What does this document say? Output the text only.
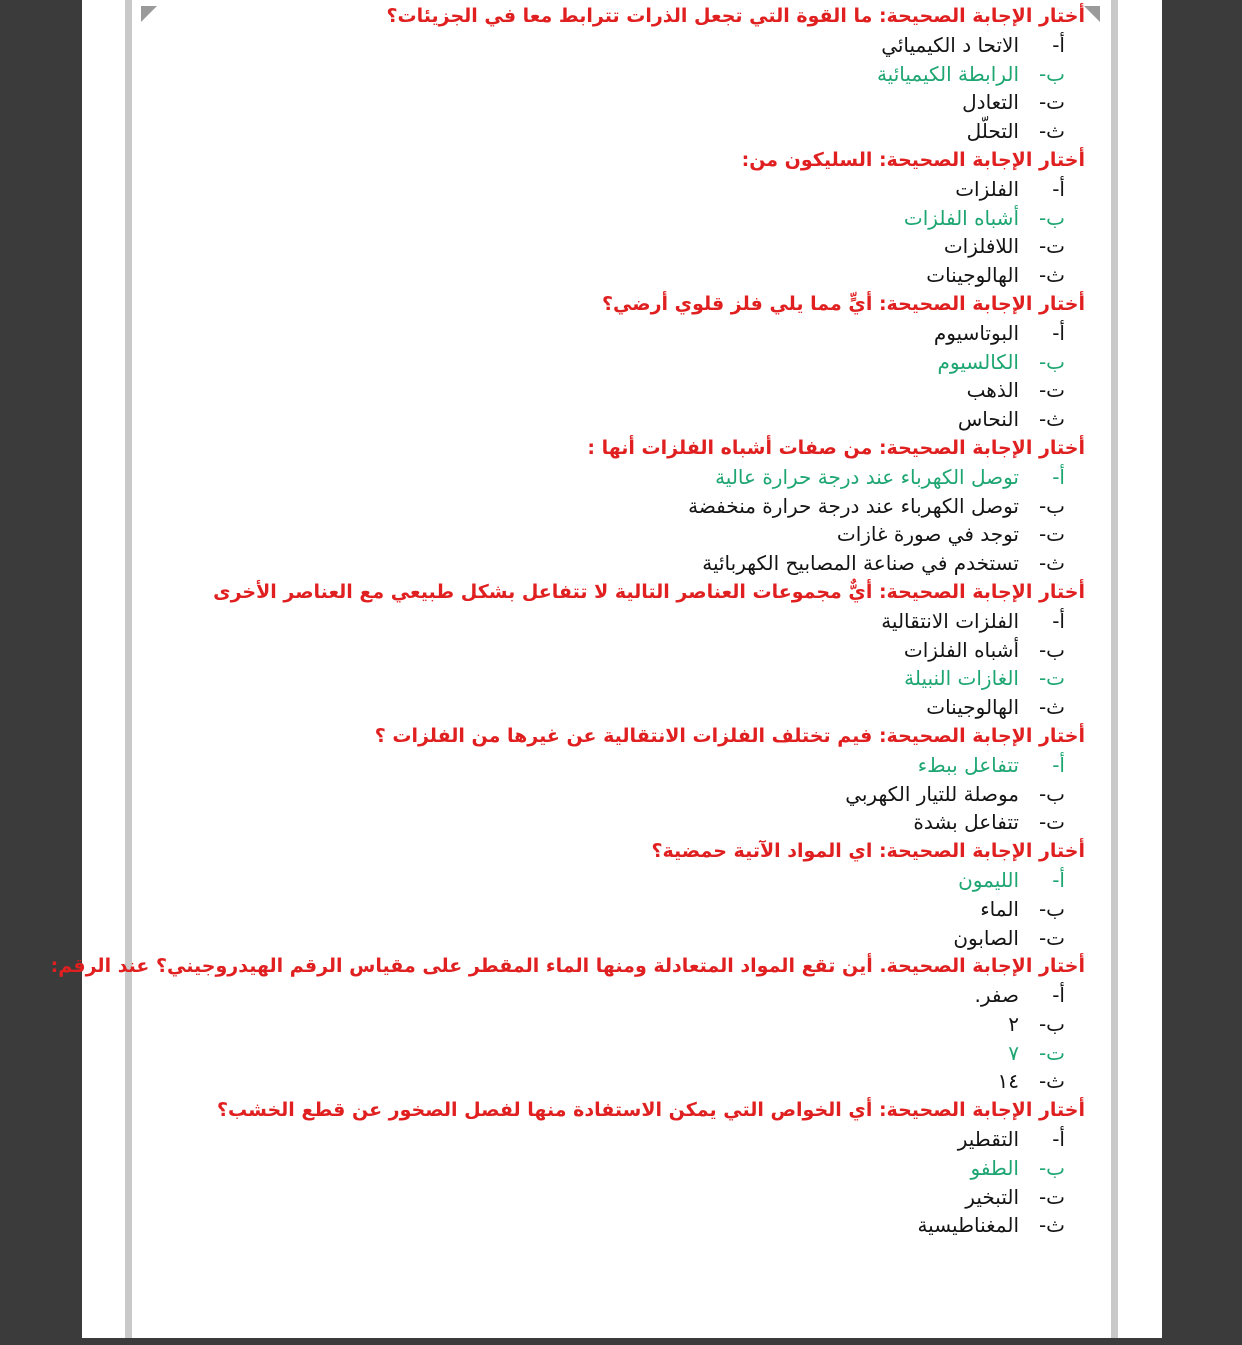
أختار الإجابة الصحيحة: ما القوة التي تجعل الذرات تترابط معا في الجزيئات؟
أ-الاتحا د الكيميائي
ب-الرابطة الكيميائية
ت-التعادل
ث-التحلّل
أختار الإجابة الصحيحة: السليكون من:
أ-الفلزات
ب-أشباه الفلزات
ت-اللافلزات
ث-الهالوجينات
أختار الإجابة الصحيحة: أيٍّ مما يلي فلز قلوي أرضي؟
أ-البوتاسيوم
ب-الكالسيوم
ت-الذهب
ث-النحاس
أختار الإجابة الصحيحة: من صفات أشباه الفلزات أنها :
أ-توصل الكهرباء عند درجة حرارة عالية
ب-توصل الكهرباء عند درجة حرارة منخفضة
ت-توجد في صورة غازات
ث-تستخدم في صناعة المصابيح الكهربائية
أختار الإجابة الصحيحة: أيٌّ مجموعات العناصر التالية لا تتفاعل بشكل طبيعي مع العناصر الأخرى
أ-الفلزات الانتقالية
ب-أشباه الفلزات
ت-الغازات النبيلة
ث-الهالوجينات
أختار الإجابة الصحيحة: فيم تختلف الفلزات الانتقالية عن غيرها من الفلزات ؟
أ-تتفاعل ببطء
ب-موصلة للتيار الكهربي
ت-تتفاعل بشدة
أختار الإجابة الصحيحة: اي المواد الآتية حمضية؟
أ-الليمون
ب-الماء
ت-الصابون
أختار الإجابة الصحيحة. أين تقع المواد المتعادلة ومنها الماء المقطر على مقياس الرقم الهيدروجيني؟ عند الرقم:
أ-صفر.
ب-٢
ت-٧
ث-١٤
أختار الإجابة الصحيحة: أي الخواص التي يمكن الاستفادة منها لفصل الصخور عن قطع الخشب؟
أ-التقطير
ب-الطفو
ت-التبخير
ث-المغناطيسية
